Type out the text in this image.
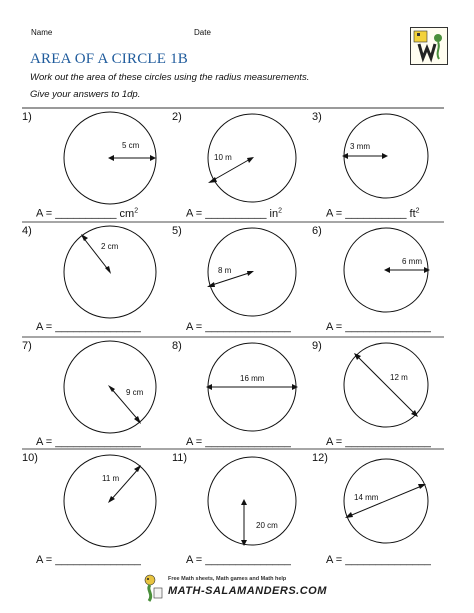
Name	Date
AREA OF A CIRCLE 1B
Work out the area of these circles using the radius measurements.
Give your answers to 1dp.
5 cm
1)
A = __________ $cm^2$
10 m
2)
A = __________ $in^2$
3 mm
3)
A = __________ $ft^2$
2 cm
4)
A = ______________
8 m
5)
A = ______________
6 mm
6)
A = ______________
9 cm
7)
A = ______________
16 mm
8)
A = ______________
12 m
9)
A = ______________
11 m
10)
A = ______________
20 cm
11)
A = ______________
14 mm
12)
A = ______________
Free Math sheets, Math games and Math help
MATH-SALAMANDERS.COM
